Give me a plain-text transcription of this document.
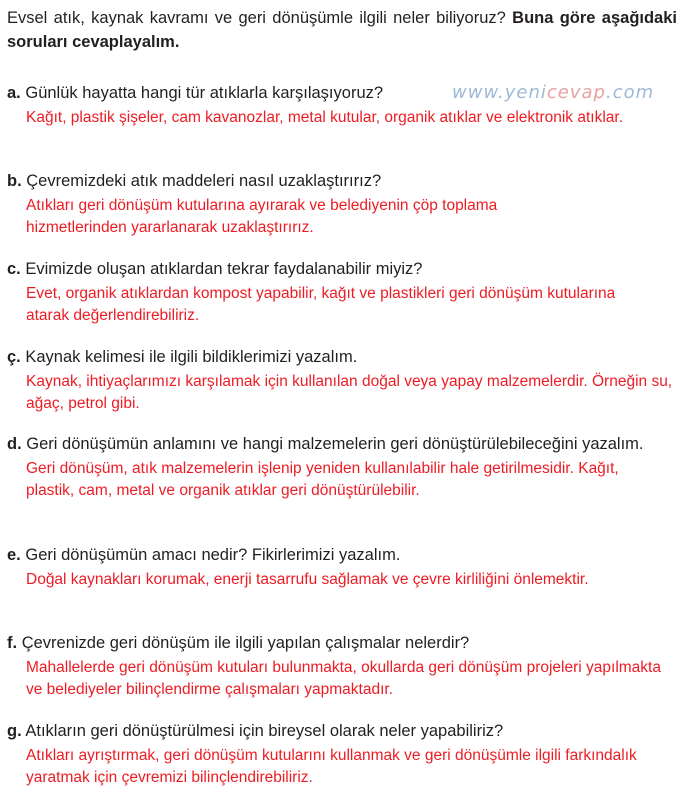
Evsel atık, kaynak kavramı ve geri dönüşümle ilgili neler biliyoruz? Buna göre aşağıdaki soruları cevaplayalım.
www.yenicevap.com
a. Günlük hayatta hangi tür atıklarla karşılaşıyoruz?
Kağıt, plastik şişeler, cam kavanozlar, metal kutular, organik atıklar ve elektronik atıklar.
b. Çevremizdeki atık maddeleri nasıl uzaklaştırırız?
Atıkları geri dönüşüm kutularına ayırarak ve belediyenin çöp toplama hizmetlerinden yararlanarak uzaklaştırırız.
c. Evimizde oluşan atıklardan tekrar faydalanabilir miyiz?
Evet, organik atıklardan kompost yapabilir, kağıt ve plastikleri geri dönüşüm kutularına atarak değerlendirebiliriz.
ç. Kaynak kelimesi ile ilgili bildiklerimizi yazalım.
Kaynak, ihtiyaçlarımızı karşılamak için kullanılan doğal veya yapay malzemelerdir. Örneğin su, ağaç, petrol gibi.
d. Geri dönüşümün anlamını ve hangi malzemelerin geri dönüştürülebileceğini yazalım.
Geri dönüşüm, atık malzemelerin işlenip yeniden kullanılabilir hale getirilmesidir. Kağıt, plastik, cam, metal ve organik atıklar geri dönüştürülebilir.
e. Geri dönüşümün amacı nedir? Fikirlerimizi yazalım.
Doğal kaynakları korumak, enerji tasarrufu sağlamak ve çevre kirliliğini önlemektir.
f. Çevrenizde geri dönüşüm ile ilgili yapılan çalışmalar nelerdir?
Mahallelerde geri dönüşüm kutuları bulunmakta, okullarda geri dönüşüm projeleri yapılmakta ve belediyeler bilinçlendirme çalışmaları yapmaktadır.
g. Atıkların geri dönüştürülmesi için bireysel olarak neler yapabiliriz?
Atıkları ayrıştırmak, geri dönüşüm kutularını kullanmak ve geri dönüşümle ilgili farkındalık yaratmak için çevremizi bilinçlendirebiliriz.
